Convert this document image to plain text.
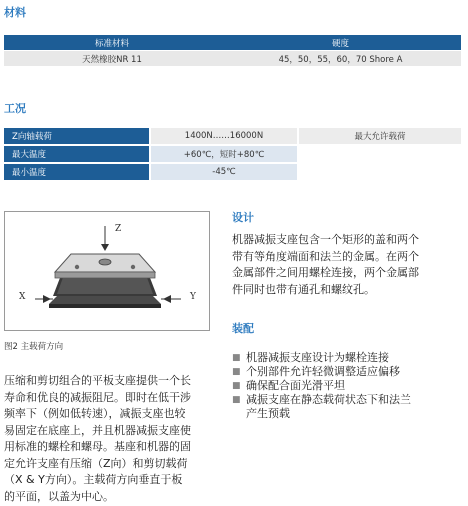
材料
标准材料	硬度
天然橡胶NR 11	45，50，55，60，70 Shore A
工况
Z向轴载荷	1400N……16000N	最大允许载荷
最大温度	+60℃，短时+80℃
最小温度	-45℃
Z
X	Y
图2 主载荷方向
压缩和剪切组合的平板支座提供一个长
寿命和优良的减振阻尼。即时在低干涉
频率下（例如低转速），减振支座也较
易固定在底座上，并且机器减振支座使
用标准的螺栓和螺母。基座和机器的固
定允许支座有压缩（Z向）和剪切载荷
（X & Y方向）。主载荷方向垂直于板
的平面，以盖为中心。
设计
机器减振支座包含一个矩形的盖和两个
带有等角度端面和法兰的金属。在两个
金属部件之间用螺栓连接，两个金属部
件同时也带有通孔和螺纹孔。
装配
■ 机器减振支座设计为螺栓连接
■ 个别部件允许轻微调整适应偏移
■ 确保配合面光滑平坦
■ 减振支座在静态载荷状态下和法兰
产生预载
